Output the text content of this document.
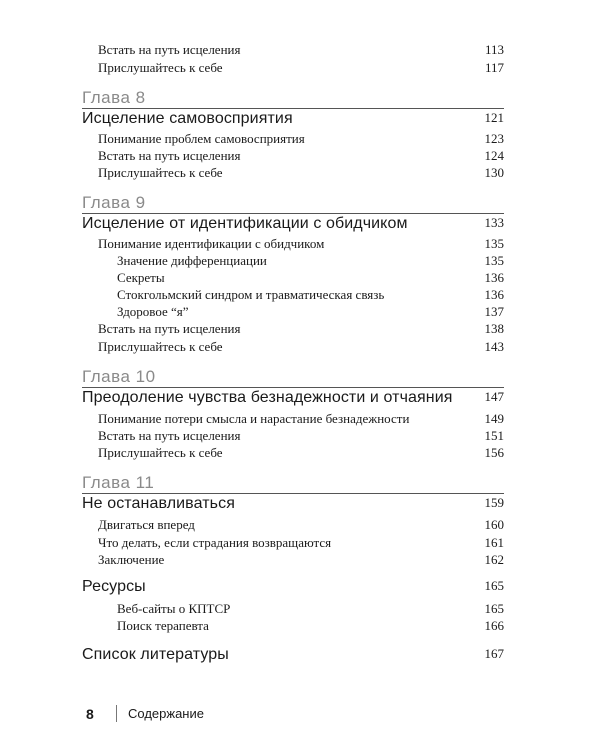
Встать на путь исцеления	113
Прислушайтесь к себе	117
Глава 8
Исцеление самовосприятия	121
Понимание проблем самовосприятия	123
Встать на путь исцеления	124
Прислушайтесь к себе	130
Глава 9
Исцеление от идентификации с обидчиком	133
Понимание идентификации с обидчиком	135
Значение дифференциации	135
Секреты	136
Стокгольмский синдром и травматическая связь	136
Здоровое “я”	137
Встать на путь исцеления	138
Прислушайтесь к себе	143
Глава 10
Преодоление чувства безнадежности и отчаяния	147
Понимание потери смысла и нарастание безнадежности	149
Встать на путь исцеления	151
Прислушайтесь к себе	156
Глава 11
Не останавливаться	159
Двигаться вперед	160
Что делать, если страдания возвращаются	161
Заключение	162
Ресурсы	165
Веб-сайты о КПТСР	165
Поиск терапевта	166
Список литературы	167
8	Содержание
